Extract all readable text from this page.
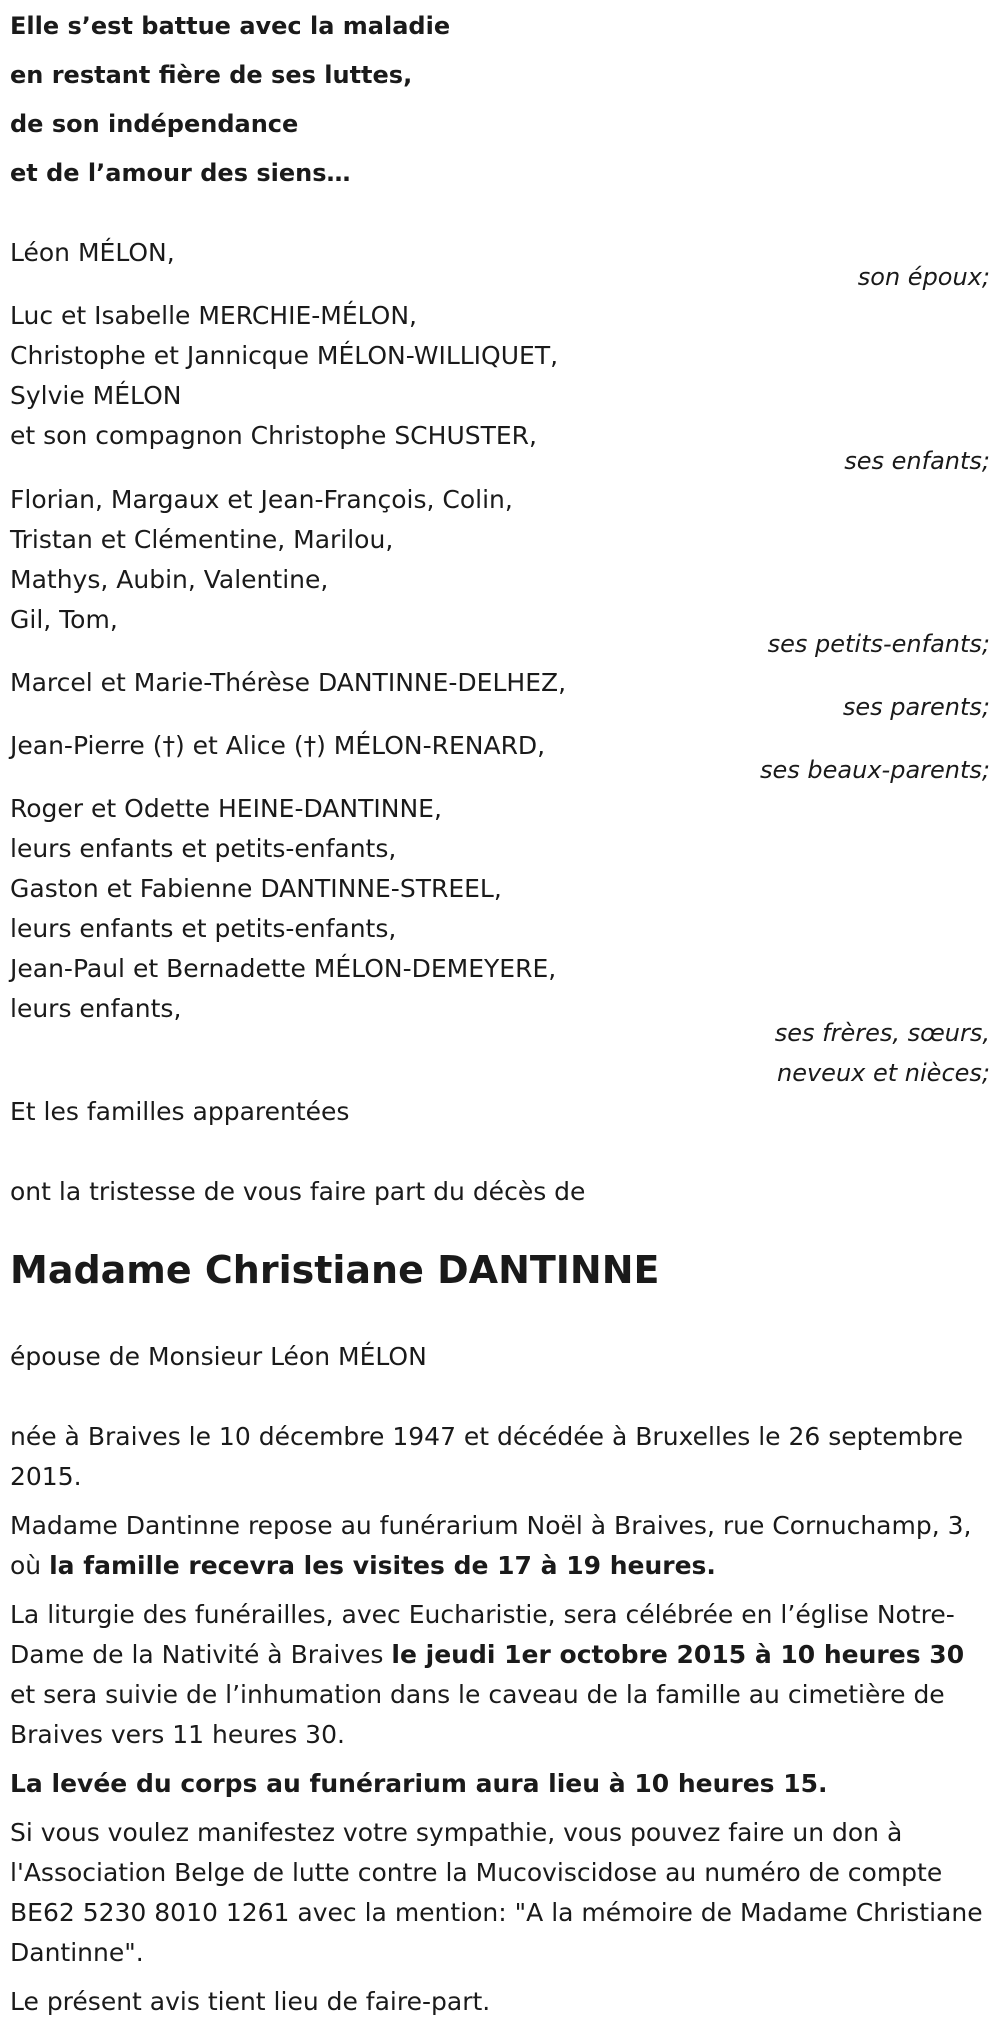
Elle s’est battue avec la maladie
en restant fière de ses luttes,
de son indépendance
et de l’amour des siens…
Léon MÉLON,
son époux;
Luc et Isabelle MERCHIE-MÉLON,
Christophe et Jannicque MÉLON-WILLIQUET,
Sylvie MÉLON
et son compagnon Christophe SCHUSTER,
ses enfants;
Florian, Margaux et Jean-François, Colin,
Tristan et Clémentine, Marilou,
Mathys, Aubin, Valentine,
Gil, Tom,
ses petits-enfants;
Marcel et Marie-Thérèse DANTINNE-DELHEZ,
ses parents;
Jean-Pierre (†) et Alice (†) MÉLON-RENARD,
ses beaux-parents;
Roger et Odette HEINE-DANTINNE,
leurs enfants et petits-enfants,
Gaston et Fabienne DANTINNE-STREEL,
leurs enfants et petits-enfants,
Jean-Paul et Bernadette MÉLON-DEMEYERE,
leurs enfants,
ses frères, sœurs,
neveux et nièces;
Et les familles apparentées
ont la tristesse de vous faire part du décès de
Madame Christiane DANTINNE
épouse de Monsieur Léon MÉLON

née à Braives le 10 décembre 1947 et décédée à Bruxelles le 26 septembre 2015.

Madame Dantinne repose au funérarium Noël à Braives, rue Cornuchamp, 3, où la famille recevra les visites de 17 à 19 heures.

La liturgie des funérailles, avec Eucharistie, sera célébrée en l’église Notre-Dame de la Nativité à Braives le jeudi 1er octobre 2015 à 10 heures 30 et sera suivie de l’inhumation dans le caveau de la famille au cimetière de Braives vers 11 heures 30.

La levée du corps au funérarium aura lieu à 10 heures 15.

Si vous voulez manifestez votre sympathie, vous pouvez faire un don à l'Association Belge de lutte contre la Mucoviscidose au numéro de compte BE62 5230 8010 1261 avec la mention: "A la mémoire de Madame Christiane Dantinne".

Le présent avis tient lieu de faire-part.
